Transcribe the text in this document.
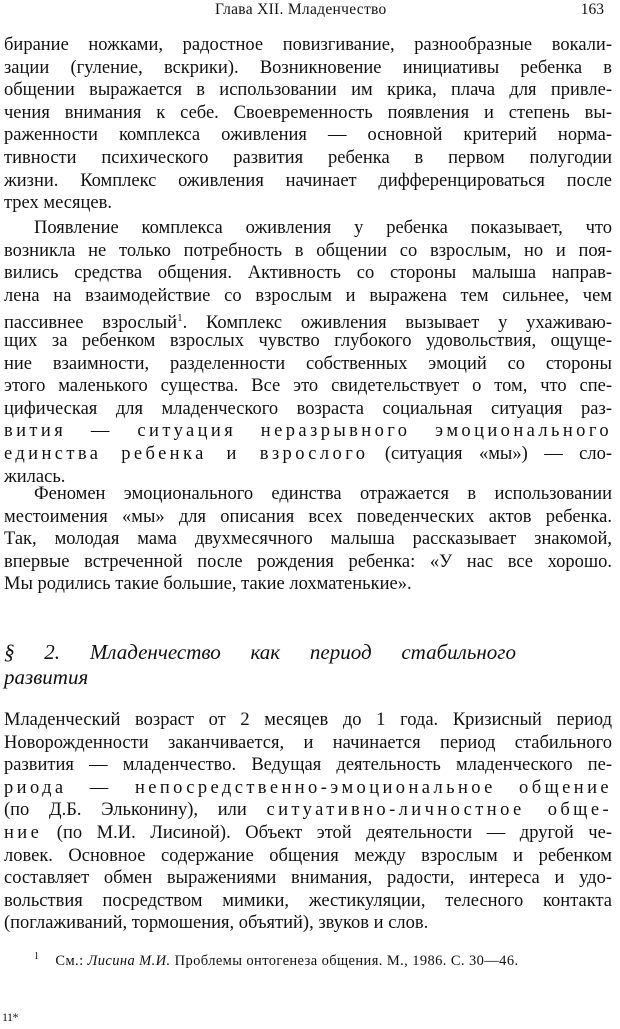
Глава XII. Младенчество	163
бирание ножками, радостное повизгивание, разнообразные вокали-
зации (гуление, вскрики). Возникновение инициативы ребенка в
общении выражается в использовании им крика, плача для привле-
чения внимания к себе. Своевременность появления и степень вы-
раженности комплекса оживления — основной критерий норма-
тивности психического развития ребенка в первом полугодии
жизни. Комплекс оживления начинает дифференцироваться после
трех месяцев.
Появление комплекса оживления у ребенка показывает, что
возникла не только потребность в общении со взрослым, но и поя-
вились средства общения. Активность со стороны малыша направ-
лена на взаимодействие со взрослым и выражена тем сильнее, чем
пассивнее взрослый$^1$. Комплекс оживления вызывает у ухаживаю-
щих за ребенком взрослых чувство глубокого удовольствия, ощуще-
ние взаимности, разделенности собственных эмоций со стороны
этого маленького существа. Все это свидетельствует о том, что спе-
цифическая для младенческого возраста социальная ситуация раз-
вития — ситуация неразрывного эмоционального
единства ребенка и взрослого (ситуация «мы») — сло-
жилась.
Феномен эмоционального единства отражается в использовании
местоимения «мы» для описания всех поведенческих актов ребенка.
Так, молодая мама двухмесячного малыша рассказывает знакомой,
впервые встреченной после рождения ребенка: «У нас все хорошо.
Мы родились такие большие, такие лохматенькие».
§ 2. Младенчество как период стабильного
развития
Младенческий возраст от 2 месяцев до 1 года. Кризисный период
Новорожденности заканчивается, и начинается период стабильного
развития — младенчество. Ведущая деятельность младенческого пе-
риода — непосредственно-эмоциональное общение
(по Д.Б. Эльконину), или ситуативно-личностное обще-
ние (по М.И. Лисиной). Объект этой деятельности — другой че-
ловек. Основное содержание общения между взрослым и ребенком
составляет обмен выражениями внимания, радости, интереса и удо-
вольствия посредством мимики, жестикуляции, телесного контакта
(поглаживаний, тормошения, объятий), звуков и слов.
$^1$ См.: Лисина М.И. Проблемы онтогенеза общения. М., 1986. С. 30—46.
11*
